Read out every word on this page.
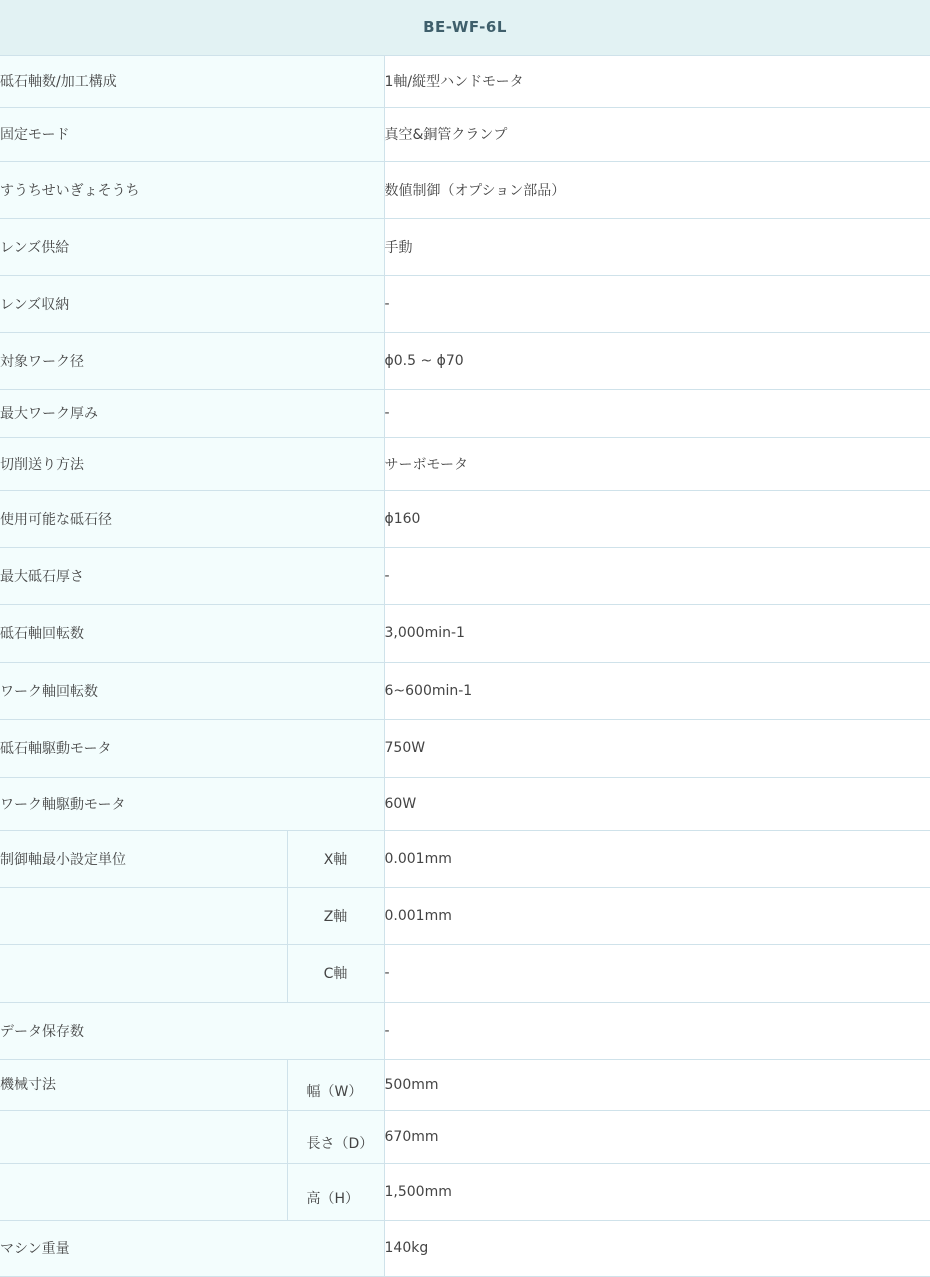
BE-WF-6L		
砥石軸数/加工構成		1軸/縦型ハンドモータ
固定モード		真空&銅管クランプ
すうちせいぎょそうち		数値制御（オプション部品）
レンズ供給		手動
レンズ収納		-
対象ワーク径		ϕ0.5 ~ ϕ70
最大ワーク厚み		-
切削送り方法		サーボモータ
使用可能な砥石径		ϕ160
最大砥石厚さ		-
砥石軸回転数		3,000min-1
ワーク軸回転数		6~600min-1
砥石軸駆動モータ		750W
ワーク軸駆動モータ		60W
制御軸最小設定単位	X軸	0.001mm
	Z軸	0.001mm
	C軸	-
データ保存数		-
機械寸法	幅（W）	500mm
	長さ（D）	670mm
	高（H）	1,500mm
マシン重量		140kg
